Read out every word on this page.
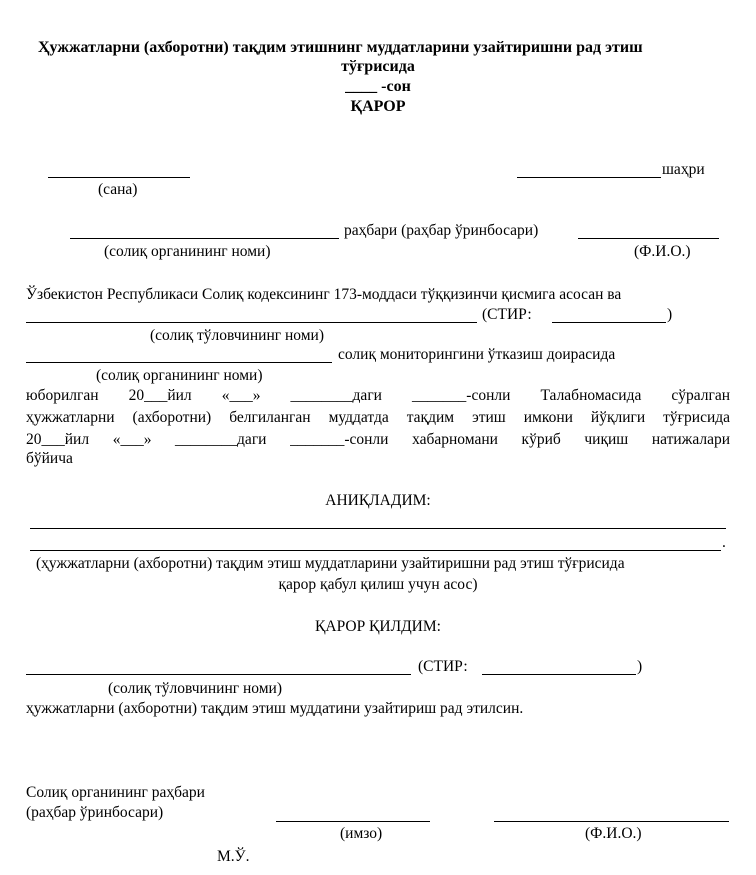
Ҳужжатларни (ахборотни) тақдим этишнинг муддатларини узайтиришни рад этиш
тўғрисида
____ -сон
ҚАРОР
шаҳри
(сана)
раҳбари (раҳбар ўринбосари)
(солиқ органининг номи)	(Ф.И.О.)
Ўзбекистон Республикаси Солиқ кодексининг 173-моддаси тўққизинчи қисмига асосан ва
(СТИР:	)
(солиқ тўловчининг номи)
солиқ мониторингини ўтказиш доирасида
(солиқ органининг номи)
юборилган 20___йил «___» ________даги _______-сонли Талабномасида сўралган
ҳужжатларни (ахборотни) белгиланган муддатда тақдим этиш имкони йўқлиги тўғрисида
20___йил «___» ________даги _______-сонли хабарномани кўриб чиқиш натижалари
бўйича
АНИҚЛАДИМ:
.
(ҳужжатларни (ахборотни) тақдим этиш муддатларини узайтиришни рад этиш тўғрисида
қарор қабул қилиш учун асос)
ҚАРОР ҚИЛДИМ:
(СТИР:	)
(солиқ тўловчининг номи)
ҳужжатларни (ахборотни) тақдим этиш муддатини узайтириш рад этилсин.
Солиқ органининг раҳбари
(раҳбар ўринбосари)
(имзо)	(Ф.И.О.)
М.Ў.
